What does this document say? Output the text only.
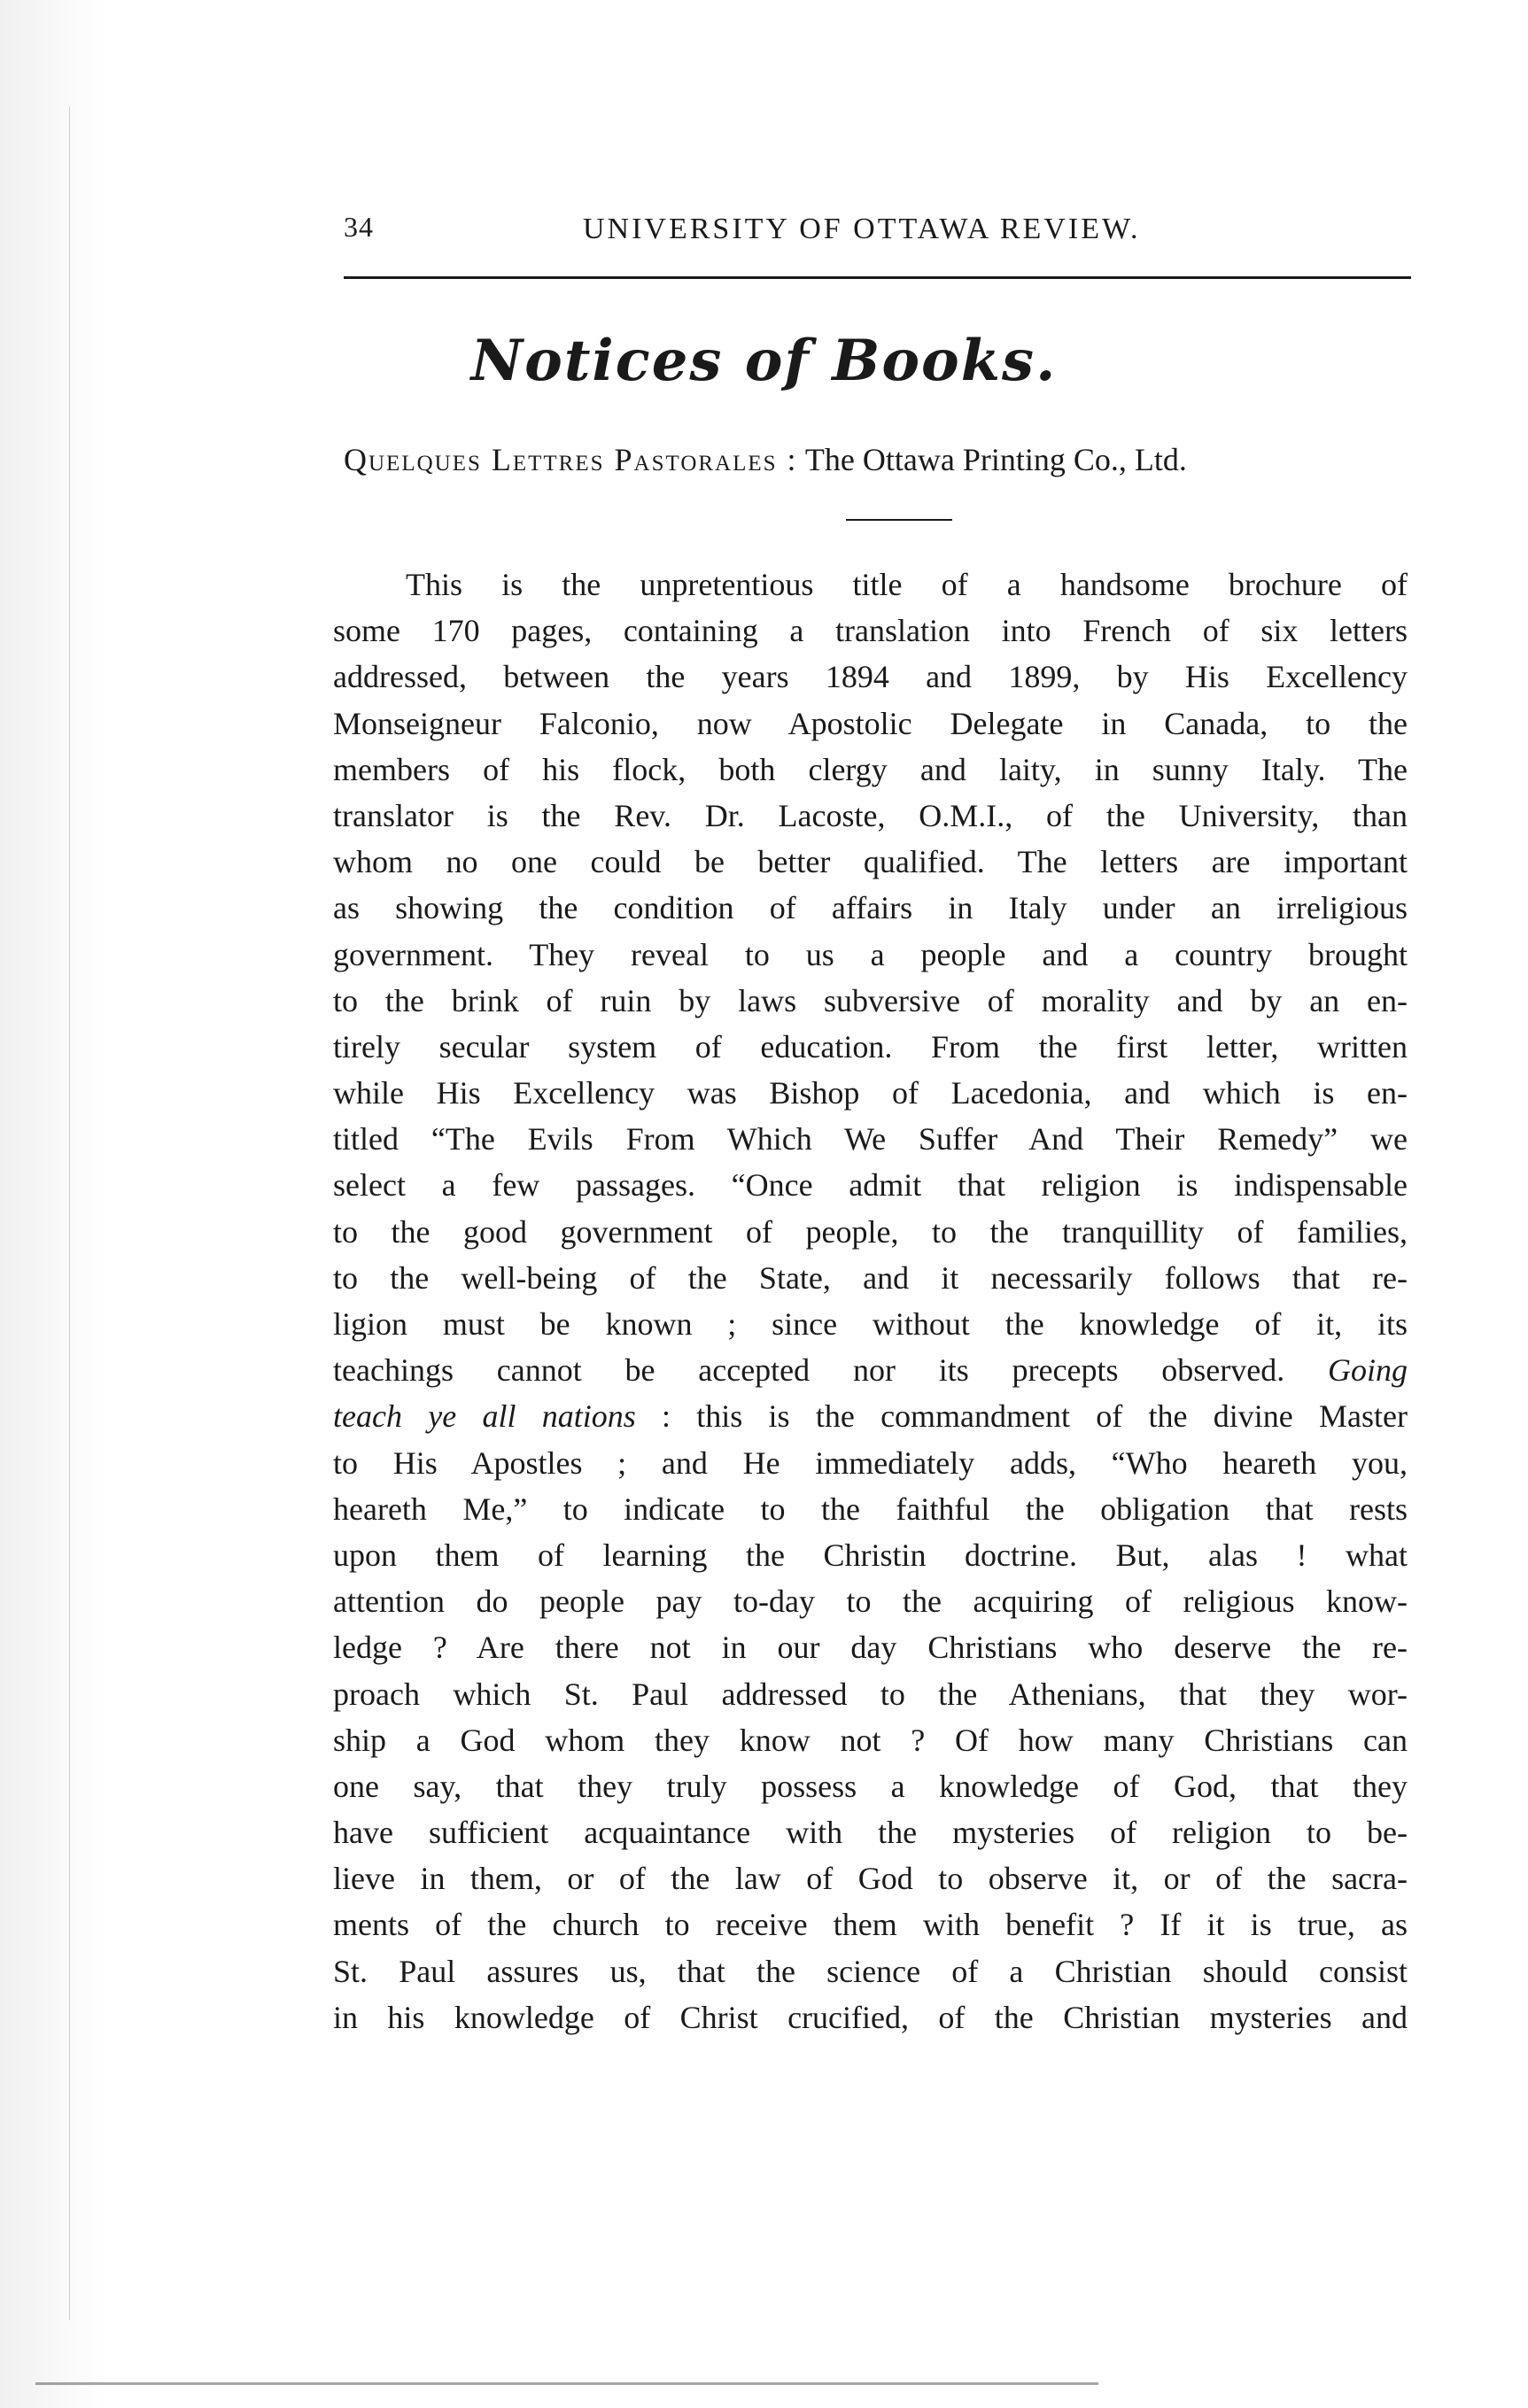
34	UNIVERSITY OF OTTAWA REVIEW.
Notices of Books.
Quelques Lettres Pastorales : The Ottawa Printing Co., Ltd.
This is the unpretentious title of a handsome brochure of
some 170 pages, containing a translation into French of six letters
addressed, between the years 1894 and 1899, by His Excellency
Monseigneur Falconio, now Apostolic Delegate in Canada, to the
members of his flock, both clergy and laity, in sunny Italy. The
translator is the Rev. Dr. Lacoste, O.M.I., of the University, than
whom no one could be better qualified. The letters are important
as showing the condition of affairs in Italy under an irreligious
government. They reveal to us a people and a country brought
to the brink of ruin by laws subversive of morality and by an en-
tirely secular system of education. From the first letter, written
while His Excellency was Bishop of Lacedonia, and which is en-
titled “The Evils From Which We Suffer And Their Remedy” we
select a few passages. “Once admit that religion is indispensable
to the good government of people, to the tranquillity of families,
to the well-being of the State, and it necessarily follows that re-
ligion must be known ; since without the knowledge of it, its
teachings cannot be accepted nor its precepts observed. Going
teach ye all nations : this is the commandment of the divine Master
to His Apostles ; and He immediately adds, “Who heareth you,
heareth Me,” to indicate to the faithful the obligation that rests
upon them of learning the Christin doctrine. But, alas ! what
attention do people pay to-day to the acquiring of religious know-
ledge ? Are there not in our day Christians who deserve the re-
proach which St. Paul addressed to the Athenians, that they wor-
ship a God whom they know not ? Of how many Christians can
one say, that they truly possess a knowledge of God, that they
have sufficient acquaintance with the mysteries of religion to be-
lieve in them, or of the law of God to observe it, or of the sacra-
ments of the church to receive them with benefit ? If it is true, as
St. Paul assures us, that the science of a Christian should consist
in his knowledge of Christ crucified, of the Christian mysteries and
